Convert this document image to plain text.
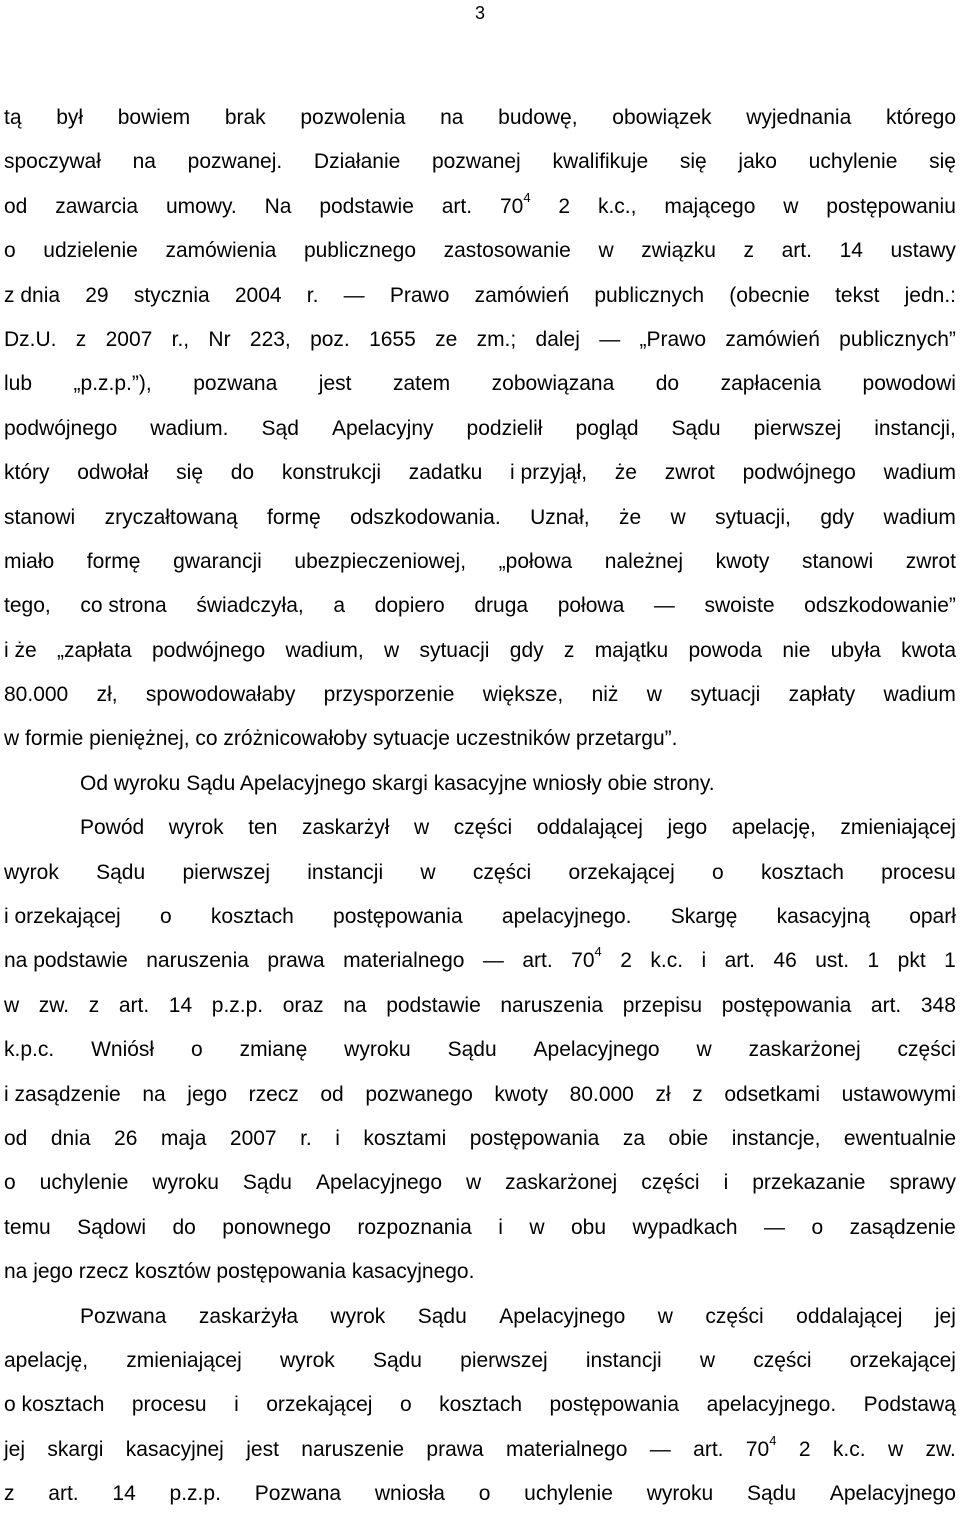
3
tą był bowiem brak pozwolenia na budowę, obowiązek wyjednania którego
spoczywał na pozwanej. Działanie pozwanej kwalifikuje się jako uchylenie się
od zawarcia umowy. Na podstawie art. $70^4$ 2 k.c., mającego w postępowaniu
o udzielenie zamówienia publicznego zastosowanie w związku z art. 14 ustawy
z dnia 29 stycznia 2004 r. — Prawo zamówień publicznych (obecnie tekst jedn.:
Dz.U. z 2007 r., Nr 223, poz. 1655 ze zm.; dalej — „Prawo zamówień publicznych”
lub „p.z.p.”), pozwana jest zatem zobowiązana do zapłacenia powodowi
podwójnego wadium. Sąd Apelacyjny podzielił pogląd Sądu pierwszej instancji,
który odwołał się do konstrukcji zadatku i przyjął, że zwrot podwójnego wadium
stanowi zryczałtowaną formę odszkodowania. Uznał, że w sytuacji, gdy wadium
miało formę gwarancji ubezpieczeniowej, „połowa należnej kwoty stanowi zwrot
tego, co strona świadczyła, a dopiero druga połowa — swoiste odszkodowanie”
i że „zapłata podwójnego wadium, w sytuacji gdy z majątku powoda nie ubyła kwota
80.000 zł, spowodowałaby przysporzenie większe, niż w sytuacji zapłaty wadium
w formie pieniężnej, co zróżnicowałoby sytuacje uczestników przetargu”.
Od wyroku Sądu Apelacyjnego skargi kasacyjne wniosły obie strony.
Powód wyrok ten zaskarżył w części oddalającej jego apelację, zmieniającej
wyrok Sądu pierwszej instancji w części orzekającej o kosztach procesu
i orzekającej o kosztach postępowania apelacyjnego. Skargę kasacyjną oparł
na podstawie naruszenia prawa materialnego — art. $70^4$ 2 k.c. i art. 46 ust. 1 pkt 1
w zw. z art. 14 p.z.p. oraz na podstawie naruszenia przepisu postępowania art. 348
k.p.c. Wniósł o zmianę wyroku Sądu Apelacyjnego w zaskarżonej części
i zasądzenie na jego rzecz od pozwanego kwoty 80.000 zł z odsetkami ustawowymi
od dnia 26 maja 2007 r. i kosztami postępowania za obie instancje, ewentualnie
o uchylenie wyroku Sądu Apelacyjnego w zaskarżonej części i przekazanie sprawy
temu Sądowi do ponownego rozpoznania i w obu wypadkach — o zasądzenie
na jego rzecz kosztów postępowania kasacyjnego.
Pozwana zaskarżyła wyrok Sądu Apelacyjnego w części oddalającej jej
apelację, zmieniającej wyrok Sądu pierwszej instancji w części orzekającej
o kosztach procesu i orzekającej o kosztach postępowania apelacyjnego. Podstawą
jej skargi kasacyjnej jest naruszenie prawa materialnego — art. $70^4$ 2 k.c. w zw.
z art. 14 p.z.p. Pozwana wniosła o uchylenie wyroku Sądu Apelacyjnego
